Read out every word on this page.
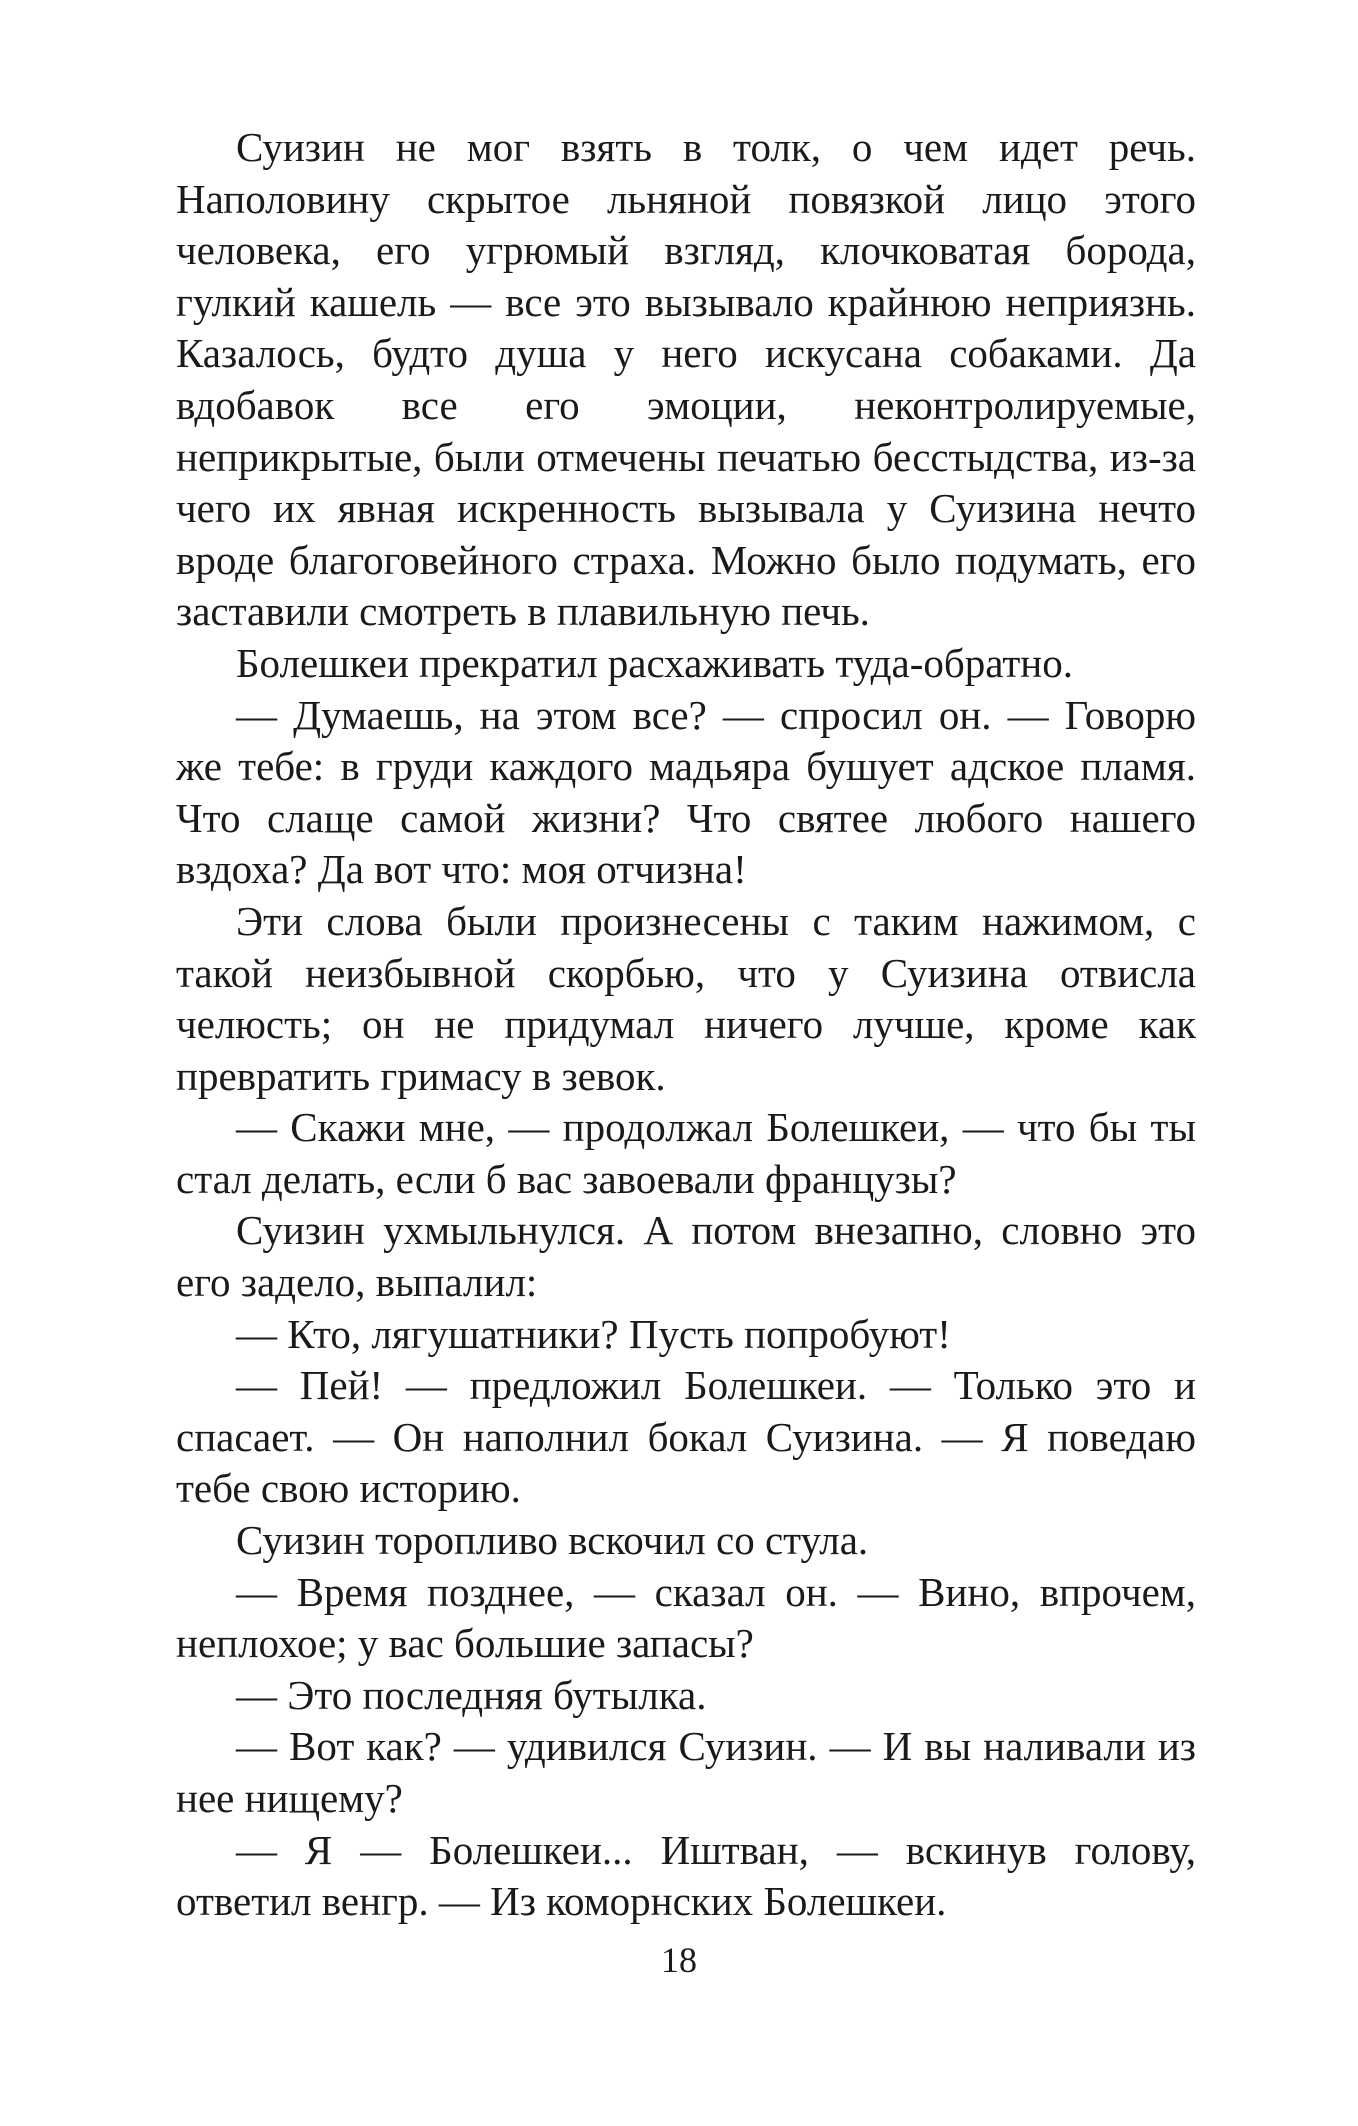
Суизин не мог взять в толк, о чем идет речь. Наполовину скрытое льняной повязкой лицо этого человека, его угрюмый взгляд, клочковатая борода, гулкий кашель — все это вызывало крайнюю неприязнь. Казалось, будто душа у него искусана собаками. Да вдобавок все его эмоции, неконтролируемые, неприкрытые, были отмечены печатью бесстыдства, из-за чего их явная искренность вызывала у Суизина нечто вроде благоговейного страха. Можно было подумать, его заставили смотреть в плавильную печь.

Болешкеи прекратил расхаживать туда-обратно.

— Думаешь, на этом все? — спросил он. — Говорю же тебе: в груди каждого мадьяра бушует адское пламя. Что слаще самой жизни? Что святее любого нашего вздоха? Да вот что: моя отчизна!

Эти слова были произнесены с таким нажимом, с такой неизбывной скорбью, что у Суизина отвисла челюсть; он не придумал ничего лучше, кроме как превратить гримасу в зевок.

— Скажи мне, — продолжал Болешкеи, — что бы ты стал делать, если б вас завоевали французы?

Суизин ухмыльнулся. А потом внезапно, словно это его задело, выпалил:

— Кто, лягушатники? Пусть попробуют!

— Пей! — предложил Болешкеи. — Только это и спасает. — Он наполнил бокал Суизина. — Я поведаю тебе свою историю.

Суизин торопливо вскочил со стула.

— Время позднее, — сказал он. — Вино, впрочем, неплохое; у вас большие запасы?

— Это последняя бутылка.

— Вот как? — удивился Суизин. — И вы наливали из нее нищему?

— Я — Болешкеи... Иштван, — вскинув голову, ответил венгр. — Из коморнских Болешкеи.

18
